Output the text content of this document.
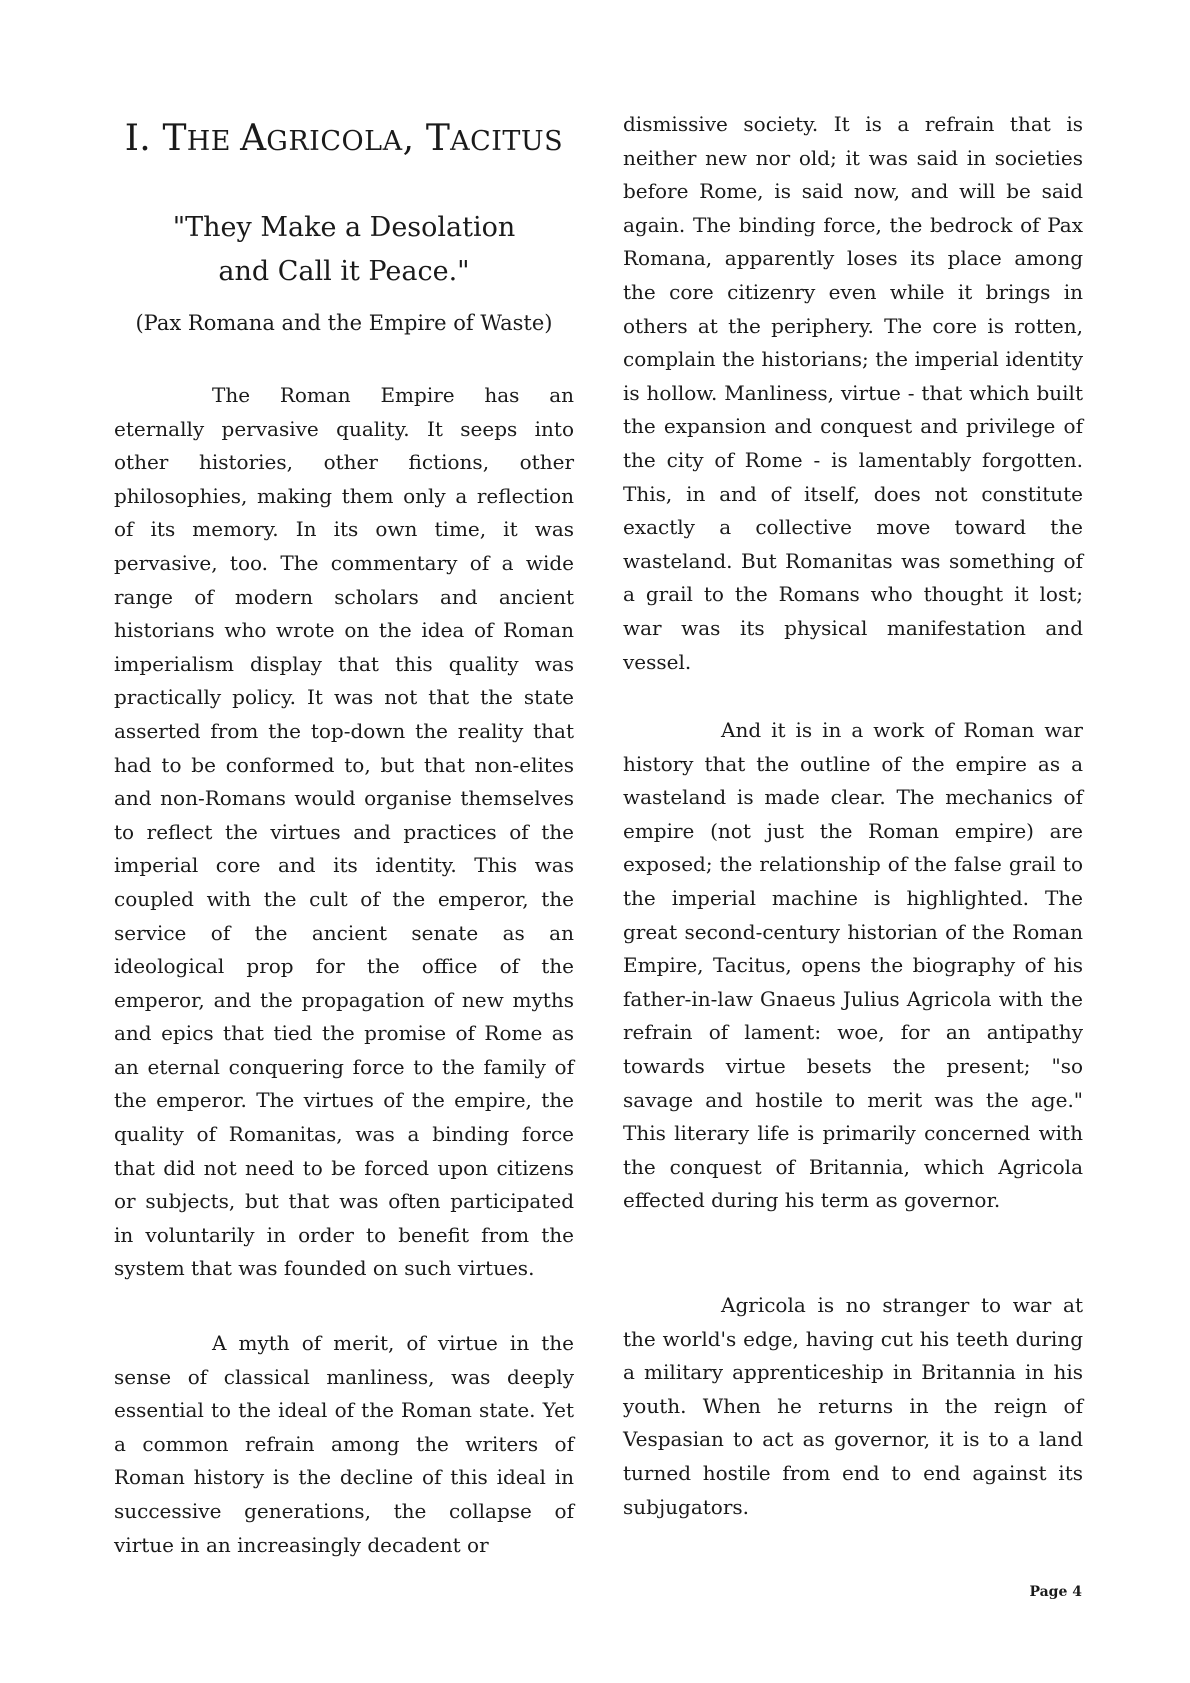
I. THE AGRICOLA, TACITUS
"They Make a Desolation
and Call it Peace."

(Pax Romana and the Empire of Waste)

The Roman Empire has an eternally pervasive quality. It seeps into other histories, other fictions, other philosophies, making them only a reflection of its memory. In its own time, it was pervasive, too. The commentary of a wide range of modern scholars and ancient historians who wrote on the idea of Roman imperialism display that this quality was practically policy. It was not that the state asserted from the top-down the reality that had to be conformed to, but that non-elites and non-Romans would organise themselves to reflect the virtues and practices of the imperial core and its identity. This was coupled with the cult of the emperor, the service of the ancient senate as an ideological prop for the office of the emperor, and the propagation of new myths and epics that tied the promise of Rome as an eternal conquering force to the family of the emperor. The virtues of the empire, the quality of Romanitas, was a binding force that did not need to be forced upon citizens or subjects, but that was often participated in voluntarily in order to benefit from the system that was founded on such virtues.

A myth of merit, of virtue in the sense of classical manliness, was deeply essential to the ideal of the Roman state. Yet a common refrain among the writers of Roman history is the decline of this ideal in successive generations, the collapse of virtue in an increasingly decadent or

dismissive society. It is a refrain that is neither new nor old; it was said in societies before Rome, is said now, and will be said again. The binding force, the bedrock of Pax Romana, apparently loses its place among the core citizenry even while it brings in others at the periphery. The core is rotten, complain the historians; the imperial identity is hollow. Manliness, virtue - that which built the expansion and conquest and privilege of the city of Rome - is lamentably forgotten. This, in and of itself, does not constitute exactly a collective move toward the wasteland. But Romanitas was something of a grail to the Romans who thought it lost; war was its physical manifestation and vessel.

And it is in a work of Roman war history that the outline of the empire as a wasteland is made clear. The mechanics of empire (not just the Roman empire) are exposed; the relationship of the false grail to the imperial machine is highlighted. The great second-century historian of the Roman Empire, Tacitus, opens the biography of his father-in-law Gnaeus Julius Agricola with the refrain of lament: woe, for an antipathy towards virtue besets the present; "so savage and hostile to merit was the age." This literary life is primarily concerned with the conquest of Britannia, which Agricola effected during his term as governor.

Agricola is no stranger to war at the world's edge, having cut his teeth during a military apprenticeship in Britannia in his youth. When he returns in the reign of Vespasian to act as governor, it is to a land turned hostile from end to end against its subjugators.

Page 4
